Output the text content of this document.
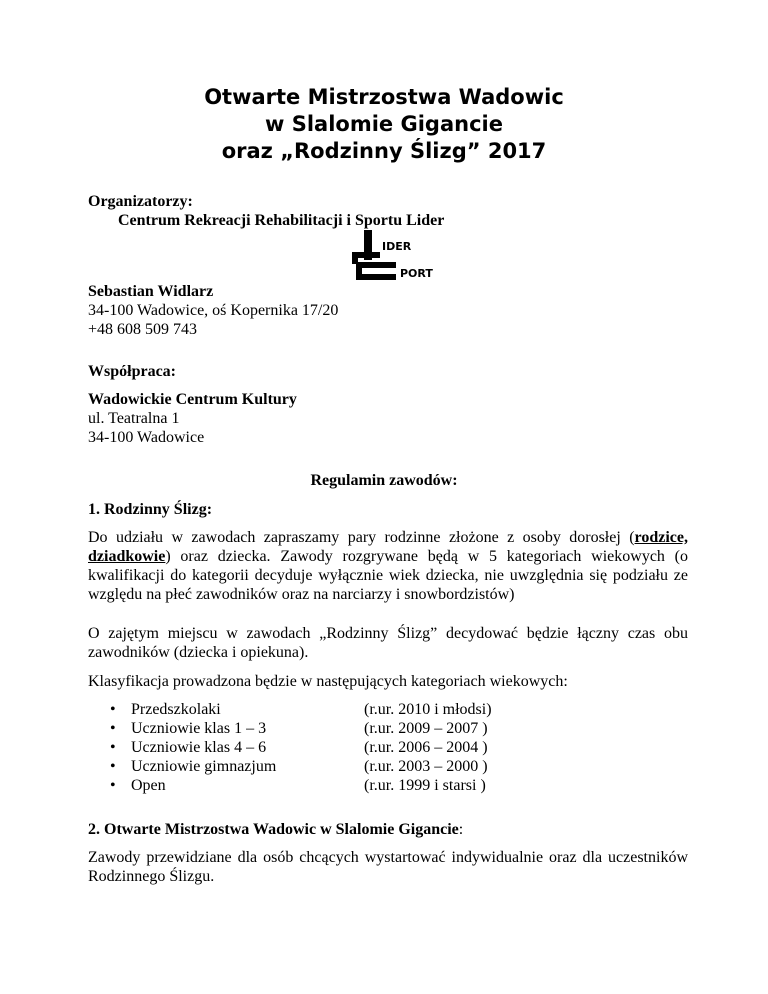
Otwarte Mistrzostwa Wadowic
w Slalomie Gigancie
oraz „Rodzinny Ślizg” 2017
Organizatorzy:
Centrum Rekreacji Rehabilitacji i Sportu Lider
IDER
PORT
Sebastian Widlarz
34-100 Wadowice, oś Kopernika 17/20
+48 608 509 743
Współpraca:
Wadowickie Centrum Kultury
ul. Teatralna 1
34-100 Wadowice
Regulamin zawodów:
1. Rodzinny Ślizg:
Do udziału w zawodach zapraszamy pary rodzinne złożone z osoby dorosłej (rodzice, dziadkowie) oraz dziecka. Zawody rozgrywane będą w 5 kategoriach wiekowych (o kwalifikacji do kategorii decyduje wyłącznie wiek dziecka, nie uwzględnia się podziału ze względu na płeć zawodników oraz na narciarzy i snowbordzistów)
O zajętym miejscu w zawodach „Rodzinny Ślizg” decydować będzie łączny czas obu zawodników (dziecka i opiekuna).
Klasyfikacja prowadzona będzie w następujących kategoriach wiekowych:
• Przedszkolaki	(r.ur. 2010 i młodsi)
• Uczniowie klas 1 – 3	(r.ur. 2009 – 2007 )
• Uczniowie klas 4 – 6	(r.ur. 2006 – 2004 )
• Uczniowie gimnazjum	(r.ur. 2003 – 2000 )
• Open	(r.ur. 1999 i starsi )
2. Otwarte Mistrzostwa Wadowic w Slalomie Gigancie:
Zawody przewidziane dla osób chcących wystartować indywidualnie oraz dla uczestników Rodzinnego Ślizgu.
